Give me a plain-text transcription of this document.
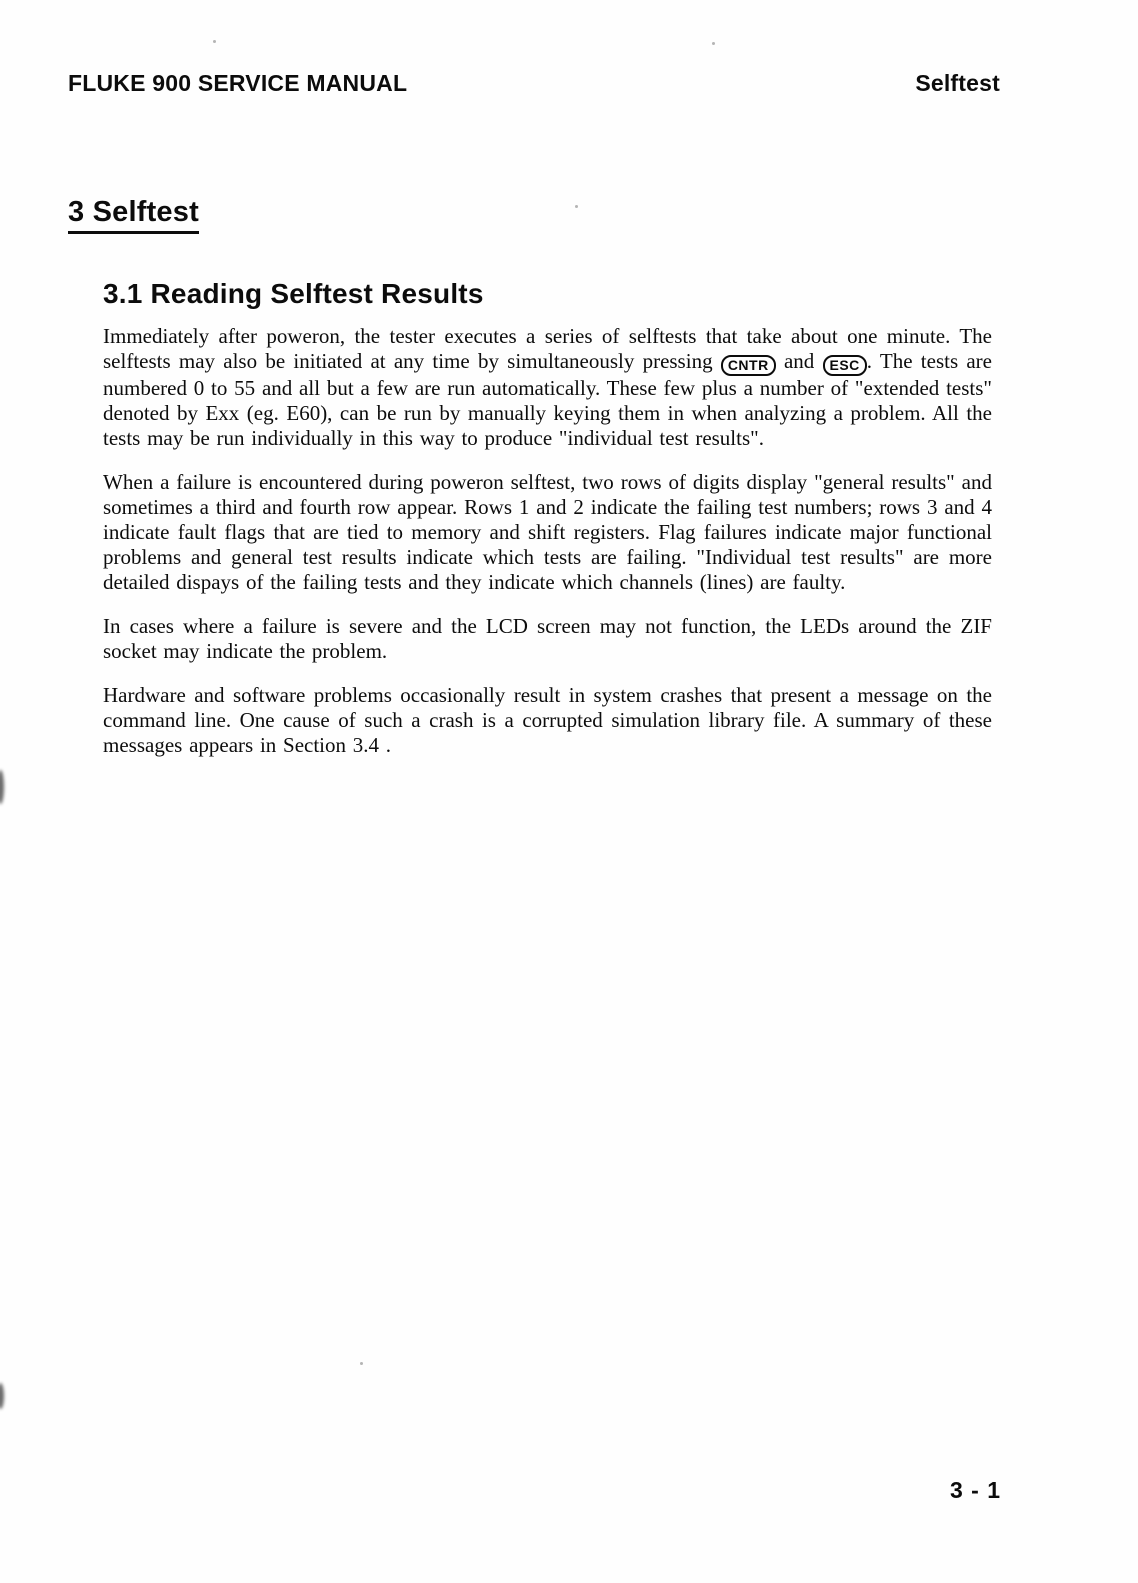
FLUKE 900 SERVICE MANUAL	Selftest
3 Selftest
3.1 Reading Selftest Results

Immediately after poweron, the tester executes a series of selftests that take about one minute. The selftests may also be initiated at any time by simultaneously pressing CNTR and ESC . The tests are numbered 0 to 55 and all but a few are run automatically. These few plus a number of "extended tests" denoted by Exx (eg. E60), can be run by manually keying them in when analyzing a problem. All the tests may be run individually in this way to produce "individual test results".

When a failure is encountered during poweron selftest, two rows of digits display "general results" and sometimes a third and fourth row appear. Rows 1 and 2 indicate the failing test numbers; rows 3 and 4 indicate fault flags that are tied to memory and shift registers. Flag failures indicate major functional problems and general test results indicate which tests are failing. "Individual test results" are more detailed dispays of the failing tests and they indicate which channels (lines) are faulty.

In cases where a failure is severe and the LCD screen may not function, the LEDs around the ZIF socket may indicate the problem.

Hardware and software problems occasionally result in system crashes that present a message on the command line. One cause of such a crash is a corrupted simulation library file. A summary of these messages appears in Section 3.4 .

3 - 1
